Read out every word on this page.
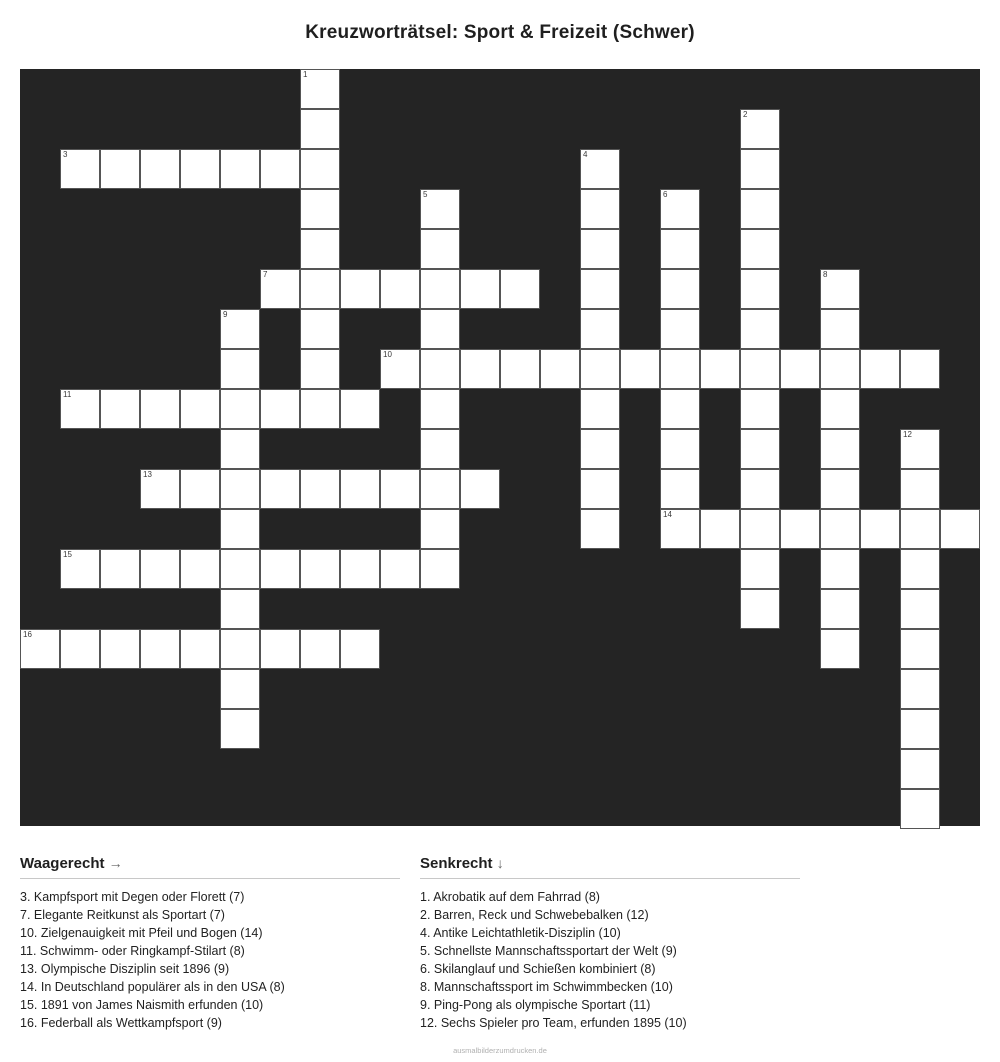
Kreuzworträtsel: Sport & Freizeit (Schwer)
1
2
3	4
5	6
7	8
9
10
11
12
13
14
15
16
Waagerecht →
3. Kampfsport mit Degen oder Florett (7)
7. Elegante Reitkunst als Sportart (7)
10. Zielgenauigkeit mit Pfeil und Bogen (14)
11. Schwimm- oder Ringkampf-Stilart (8)
13. Olympische Disziplin seit 1896 (9)
14. In Deutschland populärer als in den USA (8)
15. 1891 von James Naismith erfunden (10)
16. Federball als Wettkampfsport (9)
Senkrecht ↓
1. Akrobatik auf dem Fahrrad (8)
2. Barren, Reck und Schwebebalken (12)
4. Antike Leichtathletik-Disziplin (10)
5. Schnellste Mannschaftssportart der Welt (9)
6. Skilanglauf und Schießen kombiniert (8)
8. Mannschaftssport im Schwimmbecken (10)
9. Ping-Pong als olympische Sportart (11)
12. Sechs Spieler pro Team, erfunden 1895 (10)
ausmalbilderzumdrucken.de
